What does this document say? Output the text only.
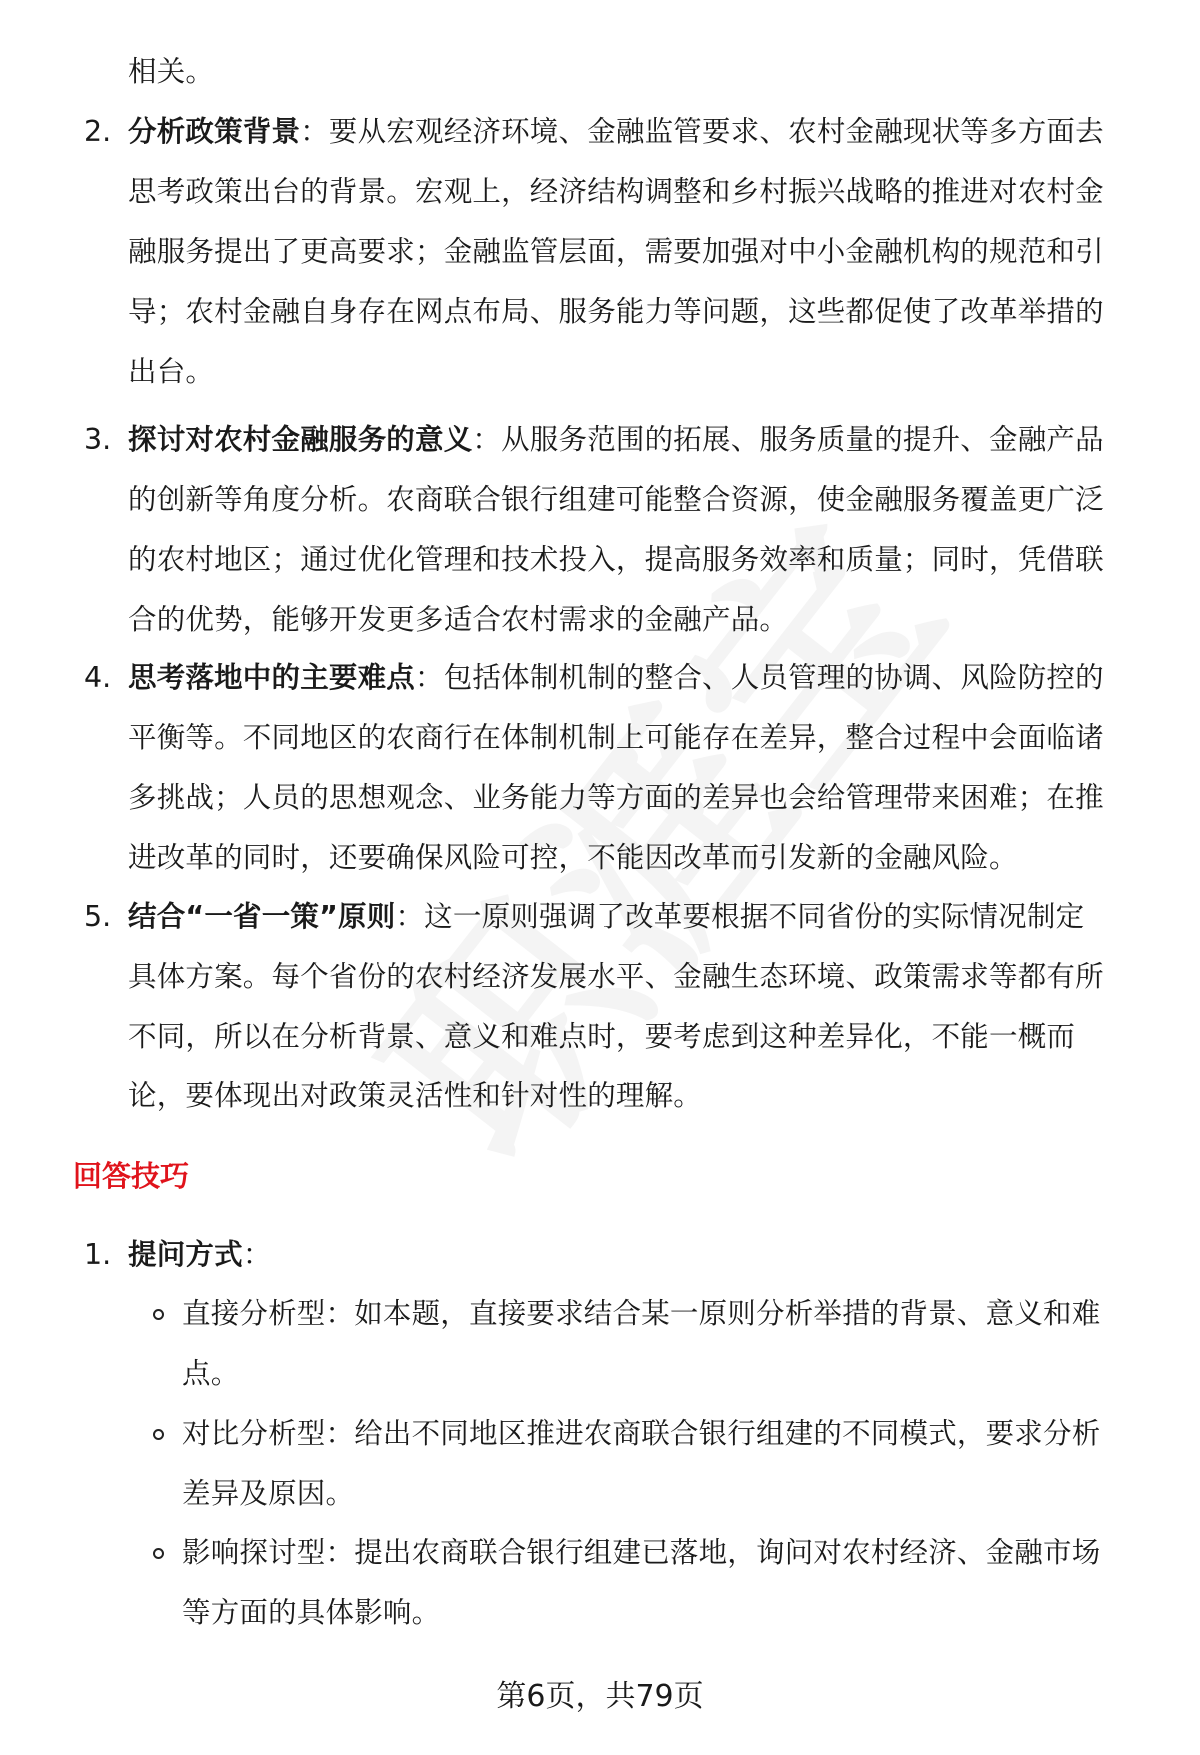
相关。
2. 分析政策背景：要从宏观经济环境、金融监管要求、农村金融现状等多方面去
思考政策出台的背景。宏观上，经济结构调整和乡村振兴战略的推进对农村金
融服务提出了更高要求；金融监管层面，需要加强对中小金融机构的规范和引
导；农村金融自身存在网点布局、服务能力等问题，这些都促使了改革举措的
出台。
3. 探讨对农村金融服务的意义：从服务范围的拓展、服务质量的提升、金融产品
的创新等角度分析。农商联合银行组建可能整合资源，使金融服务覆盖更广泛
的农村地区；通过优化管理和技术投入，提高服务效率和质量；同时，凭借联
合的优势，能够开发更多适合农村需求的金融产品。
4. 思考落地中的主要难点：包括体制机制的整合、人员管理的协调、风险防控的
平衡等。不同地区的农商行在体制机制上可能存在差异，整合过程中会面临诸
多挑战；人员的思想观念、业务能力等方面的差异也会给管理带来困难；在推
进改革的同时，还要确保风险可控，不能因改革而引发新的金融风险。
5. 结合“一省一策”原则：这一原则强调了改革要根据不同省份的实际情况制定
具体方案。每个省份的农村经济发展水平、金融生态环境、政策需求等都有所
不同，所以在分析背景、意义和难点时，要考虑到这种差异化，不能一概而
论，要体现出对政策灵活性和针对性的理解。
回答技巧
1. 提问方式：
直接分析型：如本题，直接要求结合某一原则分析举措的背景、意义和难
点。
对比分析型：给出不同地区推进农商联合银行组建的不同模式，要求分析
差异及原因。
影响探讨型：提出农商联合银行组建已落地，询问对农村经济、金融市场
等方面的具体影响。
第6页，共79页
